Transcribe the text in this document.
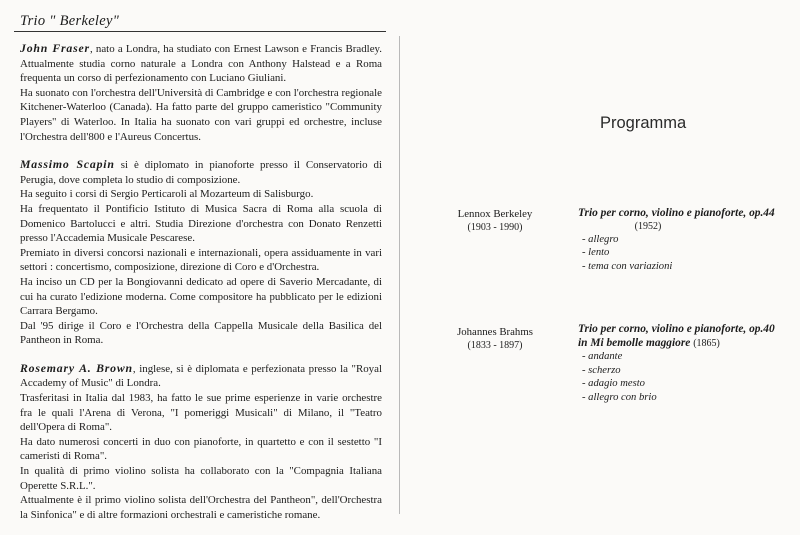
Trio " Berkeley"

John Fraser, nato a Londra, ha studiato con Ernest Lawson e Francis Bradley. Attualmente studia corno naturale a Londra con Anthony Halstead e a Roma frequenta un corso di perfezionamento con Luciano Giuliani.

Ha suonato con l'orchestra dell'Università di Cambridge e con l'orchestra regionale Kitchener-Waterloo (Canada). Ha fatto parte del gruppo cameristico "Community Players" di Waterloo. In Italia ha suonato con vari gruppi ed orchestre, incluse l'Orchestra dell'800 e l'Aureus Concertus.

Massimo Scapin si è diplomato in pianoforte presso il Conservatorio di Perugia, dove completa lo studio di composizione.

Ha seguito i corsi di Sergio Perticaroli al Mozarteum di Salisburgo.

Ha frequentato il Pontificio Istituto di Musica Sacra di Roma alla scuola di Domenico Bartolucci e altri. Studia Direzione d'orchestra con Donato Renzetti presso l'Accademia Musicale Pescarese.

Premiato in diversi concorsi nazionali e internazionali, opera assiduamente in vari settori : concertismo, composizione, direzione di Coro e d'Orchestra.

Ha inciso un CD per la Bongiovanni dedicato ad opere di Saverio Mercadante, di cui ha curato l'edizione moderna. Come compositore ha pubblicato per le edizioni Carrara Bergamo.

Dal '95 dirige il Coro e l'Orchestra della Cappella Musicale della Basilica del Pantheon in Roma.

Rosemary A. Brown, inglese, si è diplomata e perfezionata presso la "Royal Accademy of Music" di Londra.

Trasferitasi in Italia dal 1983, ha fatto le sue prime esperienze in varie orchestre fra le quali l'Arena di Verona, "I pomeriggi Musicali" di Milano, il "Teatro dell'Opera di Roma".

Ha dato numerosi concerti in duo con pianoforte, in quartetto e con il sestetto "I cameristi di Roma".

In qualità di primo violino solista ha collaborato con la "Compagnia Italiana Operette S.R.L.".

Attualmente è il primo violino solista dell'Orchestra del Pantheon", dell'Orchestra la Sinfonica" e di altre formazioni orchestrali e cameristiche romane.

Programma
Lennox Berkeley
(1903 - 1990)
Trio per corno, violino e pianoforte, op.44
(1952)
- allegro
- lento
- tema con variazioni
Johannes Brahms
(1833 - 1897)
Trio per corno, violino e pianoforte, op.40
in Mi bemolle maggiore (1865)
- andante
- scherzo
- adagio mesto
- allegro con brio
